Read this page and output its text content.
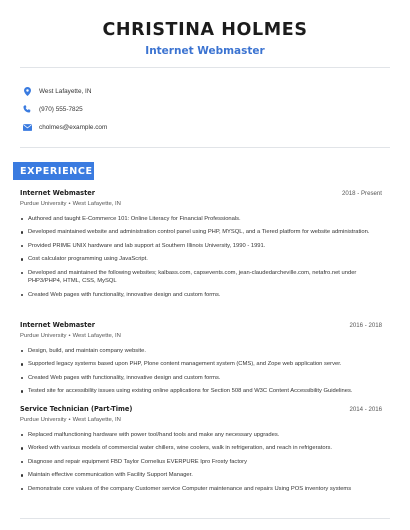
CHRISTINA HOLMES
Internet Webmaster
West Lafayette, IN
(970) 555-7825
cholmes@example.com
EXPERIENCE
Internet Webmaster	2018 - Present
Purdue University • West Lafayette, IN
Authored and taught E-Commerce 101: Online Literacy for Financial Professionals.
Developed maintained website and administration control panel using PHP, MYSQL, and a Tiered platform for website administration.
Provided PRIME UNIX hardware and lab support at Southern Illinois University, 1990 - 1991.
Cost calculator programming using JavaScript.
Developed and maintained the following websites; kalbass.com, capsevents.com, jean-claudedarcheville.com, netafro.net under PHP3/PHP4, HTML, CSS, MySQL
Created Web pages with functionality, innovative design and custom forms.
Internet Webmaster	2016 - 2018
Purdue University • West Lafayette, IN
Design, build, and maintain company website.
Supported legacy systems based upon PHP, Plone content management system (CMS), and Zope web application server.
Created Web pages with functionality, innovative design and custom forms.
Tested site for accessibility issues using existing online applications for Section 508 and W3C Content Accessibility Guidelines.
Service Technician (Part-Time)	2014 - 2016
Purdue University • West Lafayette, IN
Replaced malfunctioning hardware with power tool/hand tools and make any necessary upgrades.
Worked with various models of commercial water chillers, wine coolers, walk in refrigeration, and reach in refrigerators.
Diagnose and repair equipment FBD Taylor Cornelius EVERPURE Ipro Frosty factory
Maintain effective communication with Facility Support Manager.
Demonstrate core values of the company Customer service Computer maintenance and repairs Using POS inventory systems
